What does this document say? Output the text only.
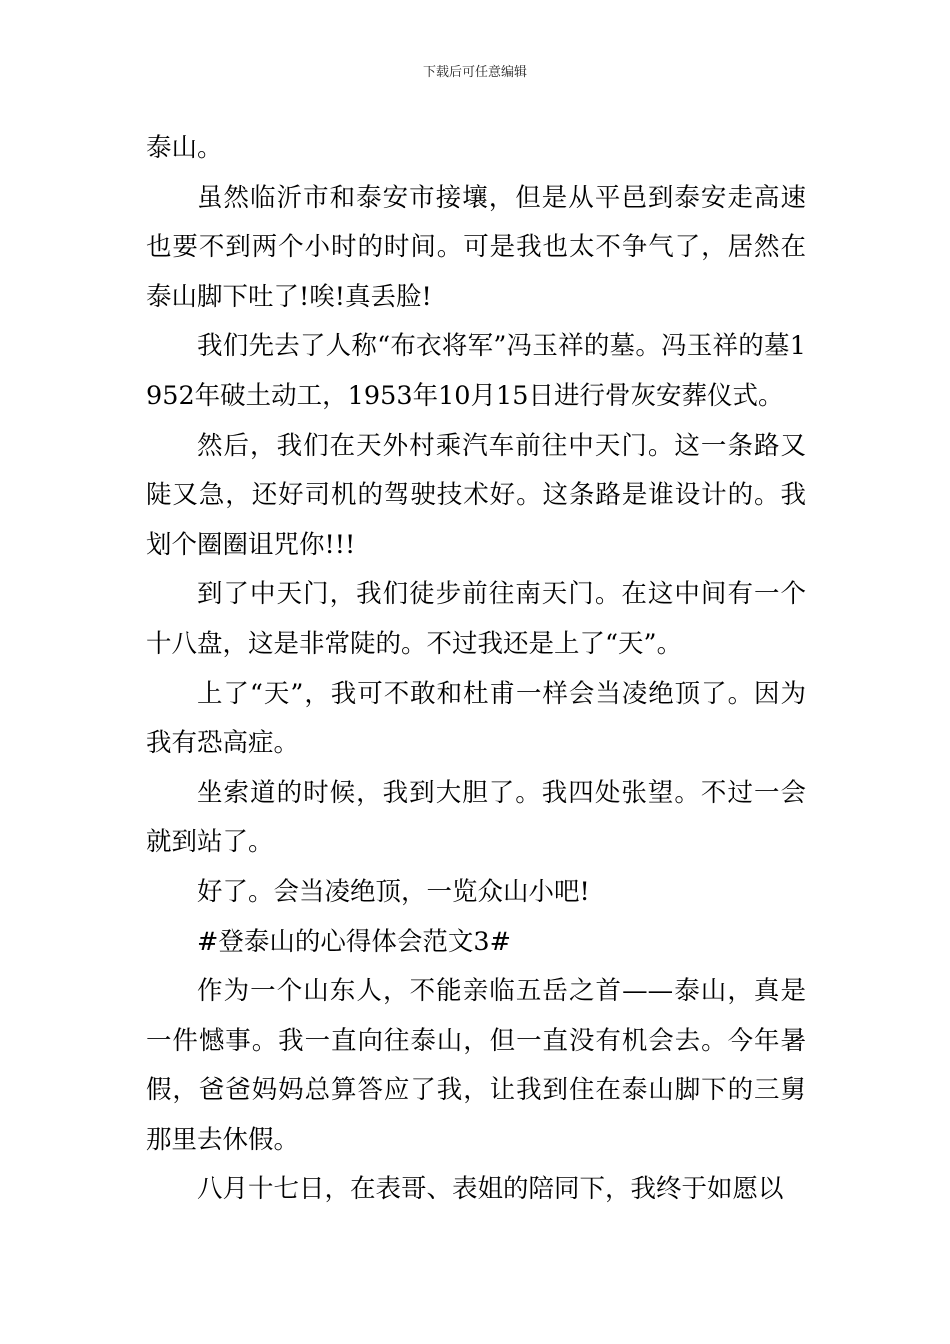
下载后可任意编辑

泰山。

虽然临沂市和泰安市接壤，但是从平邑到泰安走高速也要不到两个小时的时间。可是我也太不争气了，居然在泰山脚下吐了!唉!真丢脸!

我们先去了人称“布衣将军”冯玉祥的墓。冯玉祥的墓1952年破土动工，1953年10月15日进行骨灰安葬仪式。

然后，我们在天外村乘汽车前往中天门。这一条路又陡又急，还好司机的驾驶技术好。这条路是谁设计的。我划个圈圈诅咒你!!!

到了中天门，我们徒步前往南天门。在这中间有一个十八盘，这是非常陡的。不过我还是上了“天”。

上了“天”，我可不敢和杜甫一样会当凌绝顶了。因为我有恐高症。

坐索道的时候，我到大胆了。我四处张望。不过一会就到站了。

好了。会当凌绝顶，一览众山小吧!

#登泰山的心得体会范文3#

作为一个山东人，不能亲临五岳之首——泰山，真是一件憾事。我一直向往泰山，但一直没有机会去。今年暑假，爸爸妈妈总算答应了我，让我到住在泰山脚下的三舅那里去休假。

八月十七日，在表哥、表姐的陪同下，我终于如愿以
